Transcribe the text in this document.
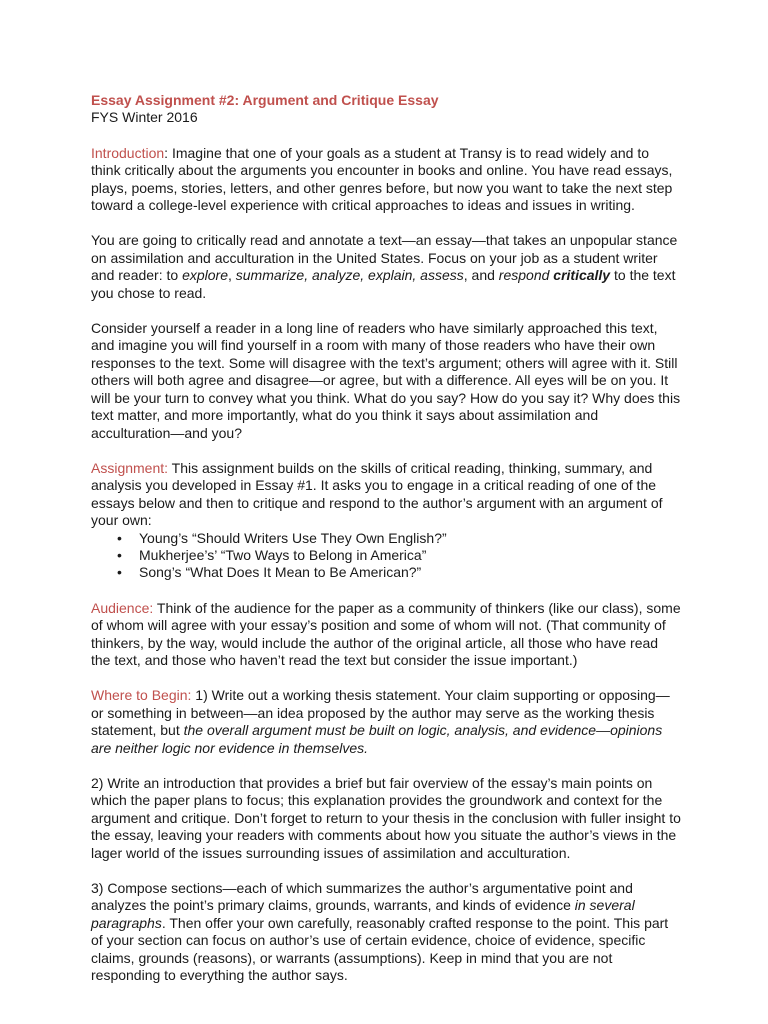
Essay Assignment #2: Argument and Critique Essay
FYS Winter 2016

Introduction: Imagine that one of your goals as a student at Transy is to read widely and to think critically about the arguments you encounter in books and online. You have read essays, plays, poems, stories, letters, and other genres before, but now you want to take the next step toward a college-level experience with critical approaches to ideas and issues in writing.

You are going to critically read and annotate a text—an essay—that takes an unpopular stance on assimilation and acculturation in the United States. Focus on your job as a student writer and reader: to explore, summarize, analyze, explain, assess, and respond critically to the text you chose to read.

Consider yourself a reader in a long line of readers who have similarly approached this text, and imagine you will find yourself in a room with many of those readers who have their own responses to the text. Some will disagree with the text’s argument; others will agree with it. Still others will both agree and disagree—or agree, but with a difference. All eyes will be on you. It will be your turn to convey what you think. What do you say? How do you say it? Why does this text matter, and more importantly, what do you think it says about assimilation and acculturation—and you?

Assignment: This assignment builds on the skills of critical reading, thinking, summary, and analysis you developed in Essay #1. It asks you to engage in a critical reading of one of the essays below and then to critique and respond to the author’s argument with an argument of your own:

• Young’s “Should Writers Use They Own English?”
• Mukherjee’s’ “Two Ways to Belong in America”
• Song’s “What Does It Mean to Be American?”

Audience: Think of the audience for the paper as a community of thinkers (like our class), some of whom will agree with your essay’s position and some of whom will not. (That community of thinkers, by the way, would include the author of the original article, all those who have read the text, and those who haven’t read the text but consider the issue important.)

Where to Begin: 1) Write out a working thesis statement. Your claim supporting or opposing—or something in between—an idea proposed by the author may serve as the working thesis statement, but the overall argument must be built on logic, analysis, and evidence—opinions are neither logic nor evidence in themselves.

2) Write an introduction that provides a brief but fair overview of the essay’s main points on which the paper plans to focus; this explanation provides the groundwork and context for the argument and critique. Don’t forget to return to your thesis in the conclusion with fuller insight to the essay, leaving your readers with comments about how you situate the author’s views in the lager world of the issues surrounding issues of assimilation and acculturation.

3) Compose sections—each of which summarizes the author’s argumentative point and analyzes the point’s primary claims, grounds, warrants, and kinds of evidence in several paragraphs. Then offer your own carefully, reasonably crafted response to the point. This part of your section can focus on author’s use of certain evidence, choice of evidence, specific claims, grounds (reasons), or warrants (assumptions). Keep in mind that you are not responding to everything the author says.
